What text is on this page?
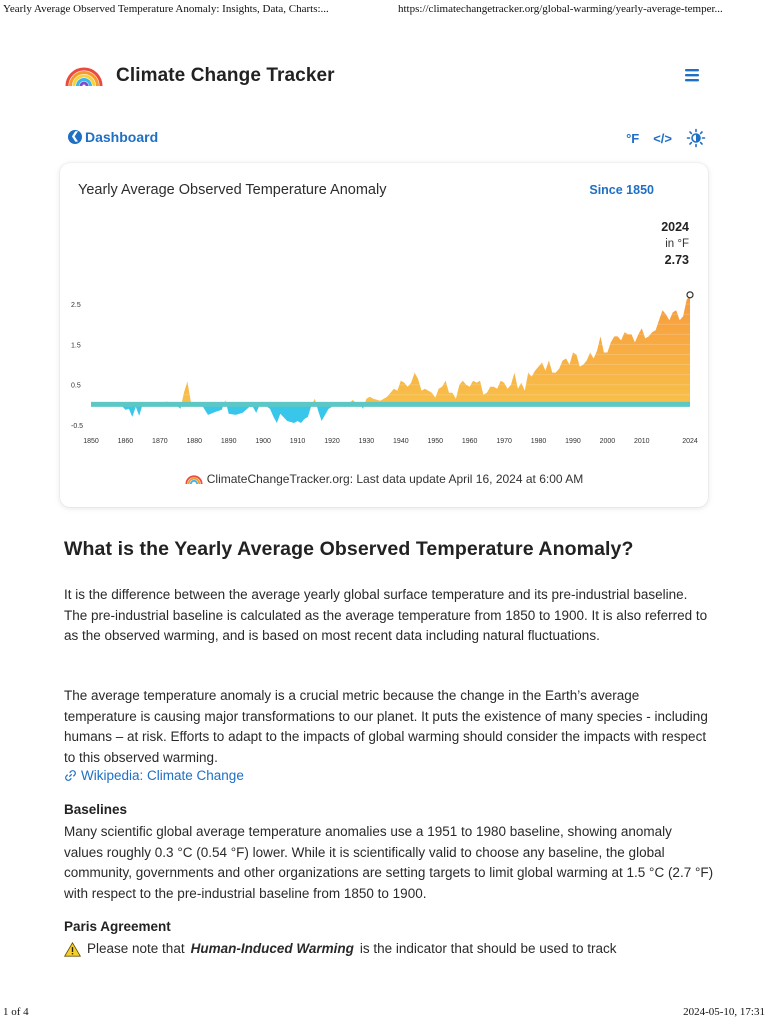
Yearly Average Observed Temperature Anomaly: Insights, Data, Charts:...	https://climatechangetracker.org/global-warming/yearly-average-temper...
Climate Change Tracker
❮ Dashboard	°F </>
-0.5
0.5
1.5
2.5
1850	1860	1870	1880	1890	1900	1910	1920	1930	1940	1950	1960	1970	1980	1990	2000	2010	2024
Yearly Average Observed Temperature Anomaly	Since 1850
2024
in °F
2.73
ClimateChangeTracker.org: Last data update April 16, 2024 at 6:00 AM
What is the Yearly Average Observed Temperature Anomaly?

It is the difference between the average yearly global surface temperature and its pre-industrial baseline. The pre-industrial baseline is calculated as the average temperature from 1850 to 1900. It is also referred to as the observed warming, and is based on most recent data including natural fluctuations.

The average temperature anomaly is a crucial metric because the change in the Earth’s average temperature is causing major transformations to our planet. It puts the existence of many species - including humans – at risk. Efforts to adapt to the impacts of global warming should consider the impacts with respect to this observed warming.

Wikipedia: Climate Change
Baselines

Many scientific global average temperature anomalies use a 1951 to 1980 baseline, showing anomaly values roughly 0.3 °C (0.54 °F) lower. While it is scientifically valid to choose any baseline, the global community, governments and other organizations are setting targets to limit global warming at 1.5 °C (2.7 °F) with respect to the pre-industrial baseline from 1850 to 1900.

Paris Agreement

Please note that Human-Induced Warming is the indicator that should be used to track

1 of 4	2024-05-10, 17:31
